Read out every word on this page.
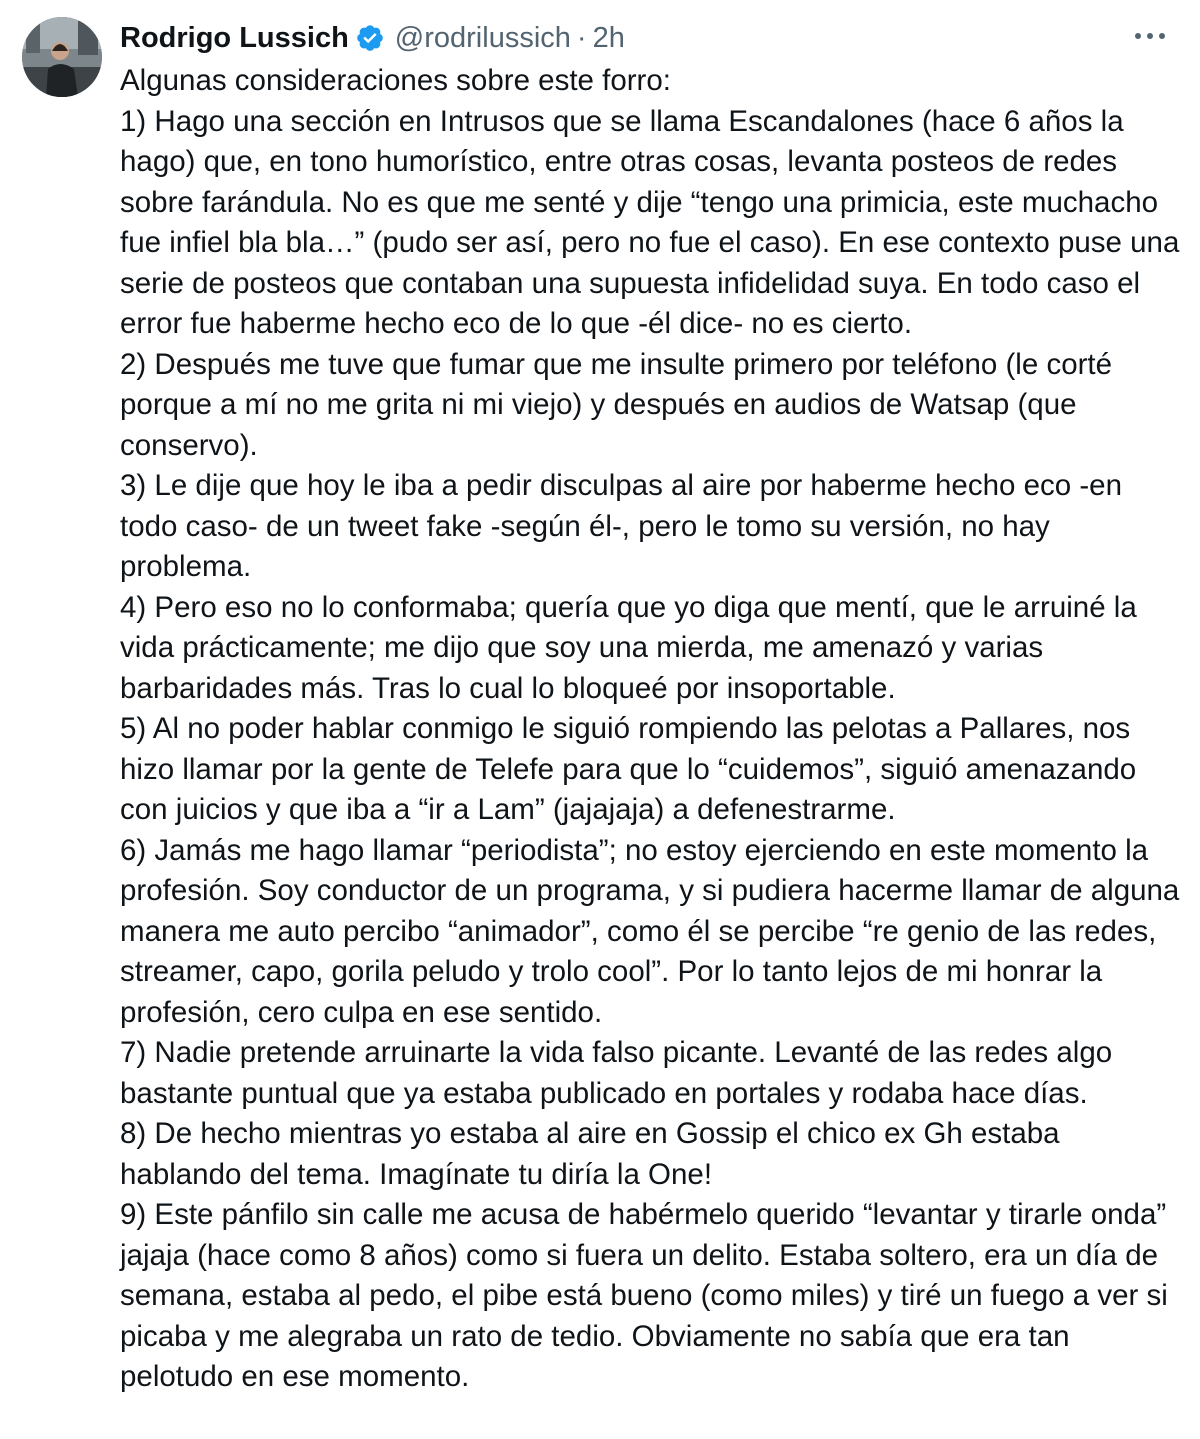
Rodrigo Lussich @rodrilussich · 2h

Algunas consideraciones sobre este forro:

1) Hago una sección en Intrusos que se llama Escandalones (hace 6 años la hago) que, en tono humorístico, entre otras cosas, levanta posteos de redes sobre farándula. No es que me senté y dije “tengo una primicia, este muchacho fue infiel bla bla…” (pudo ser así, pero no fue el caso). En ese contexto puse una serie de posteos que contaban una supuesta infidelidad suya. En todo caso el error fue haberme hecho eco de lo que -él dice- no es cierto.

2) Después me tuve que fumar que me insulte primero por teléfono (le corté porque a mí no me grita ni mi viejo) y después en audios de Watsap (que conservo).

3) Le dije que hoy le iba a pedir disculpas al aire por haberme hecho eco -en todo caso- de un tweet fake -según él-, pero le tomo su versión, no hay problema.

4) Pero eso no lo conformaba; quería que yo diga que mentí, que le arruiné la vida prácticamente; me dijo que soy una mierda, me amenazó y varias barbaridades más. Tras lo cual lo bloqueé por insoportable.

5) Al no poder hablar conmigo le siguió rompiendo las pelotas a Pallares, nos hizo llamar por la gente de Telefe para que lo “cuidemos”, siguió amenazando con juicios y que iba a “ir a Lam” (jajajaja) a defenestrarme.

6) Jamás me hago llamar “periodista”; no estoy ejerciendo en este momento la profesión. Soy conductor de un programa, y si pudiera hacerme llamar de alguna manera me auto percibo “animador”, como él se percibe “re genio de las redes, streamer, capo, gorila peludo y trolo cool”. Por lo tanto lejos de mi honrar la profesión, cero culpa en ese sentido.

7) Nadie pretende arruinarte la vida falso picante. Levanté de las redes algo bastante puntual que ya estaba publicado en portales y rodaba hace días.

8) De hecho mientras yo estaba al aire en Gossip el chico ex Gh estaba hablando del tema. Imagínate tu diría la One!

9) Este pánfilo sin calle me acusa de habérmelo querido “levantar y tirarle onda” jajaja (hace como 8 años) como si fuera un delito. Estaba soltero, era un día de semana, estaba al pedo, el pibe está bueno (como miles) y tiré un fuego a ver si picaba y me alegraba un rato de tedio. Obviamente no sabía que era tan pelotudo en ese momento.
